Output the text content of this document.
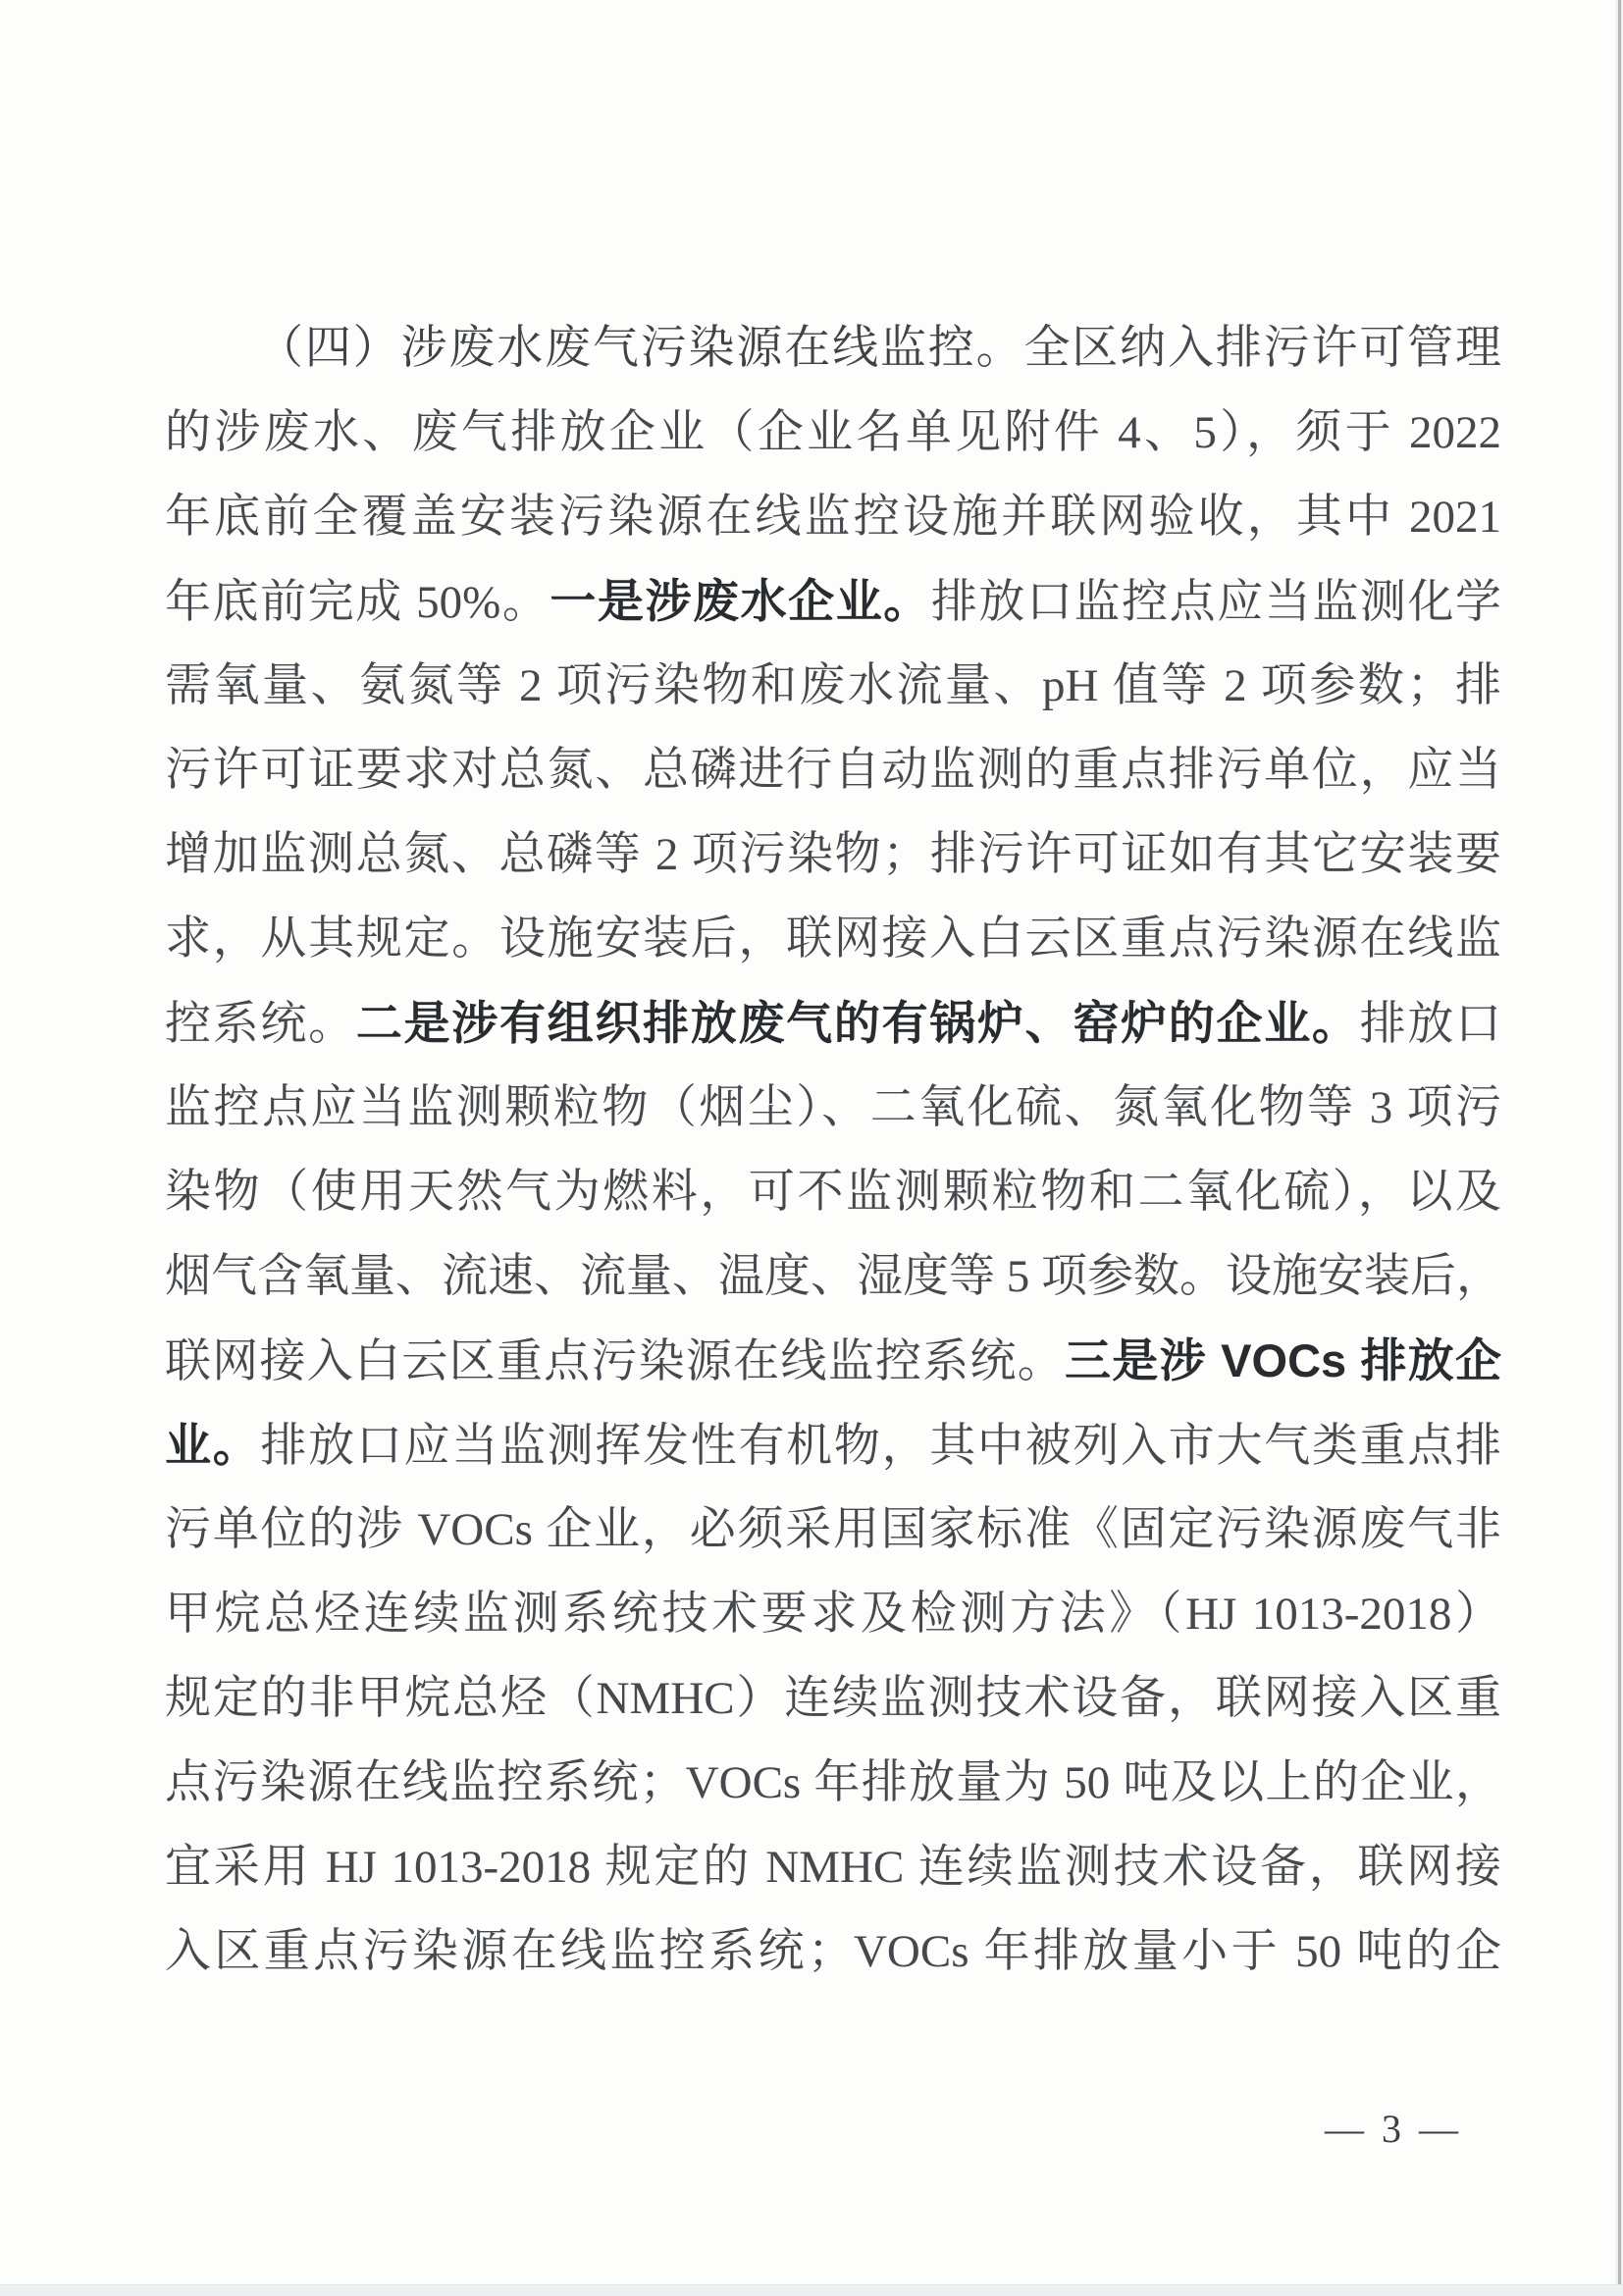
（四）涉废水废气污染源在线监控。全区纳入排污许可管理
的涉废水、废气排放企业（企业名单见附件 4、5），须于 2022
年底前全覆盖安装污染源在线监控设施并联网验收，其中 2021
年底前完成 50%。一是涉废水企业。排放口监控点应当监测化学
需氧量、氨氮等 2 项污染物和废水流量、pH 值等 2 项参数；排
污许可证要求对总氮、总磷进行自动监测的重点排污单位，应当
增加监测总氮、总磷等 2 项污染物；排污许可证如有其它安装要
求，从其规定。设施安装后，联网接入白云区重点污染源在线监
控系统。二是涉有组织排放废气的有锅炉、窑炉的企业。排放口
监控点应当监测颗粒物（烟尘）、二氧化硫、氮氧化物等 3 项污
染物（使用天然气为燃料，可不监测颗粒物和二氧化硫），以及
烟气含氧量、流速、流量、温度、湿度等 5 项参数。设施安装后，
联网接入白云区重点污染源在线监控系统。三是涉 VOCs 排放企
业。排放口应当监测挥发性有机物，其中被列入市大气类重点排
污单位的涉 VOCs 企业，必须采用国家标准《固定污染源废气非
甲烷总烃连续监测系统技术要求及检测方法》（HJ 1013-2018）
规定的非甲烷总烃（NMHC）连续监测技术设备，联网接入区重
点污染源在线监控系统；VOCs 年排放量为 50 吨及以上的企业，
宜采用 HJ 1013-2018 规定的 NMHC 连续监测技术设备，联网接
入区重点污染源在线监控系统；VOCs 年排放量小于 50 吨的企
— 3 —
